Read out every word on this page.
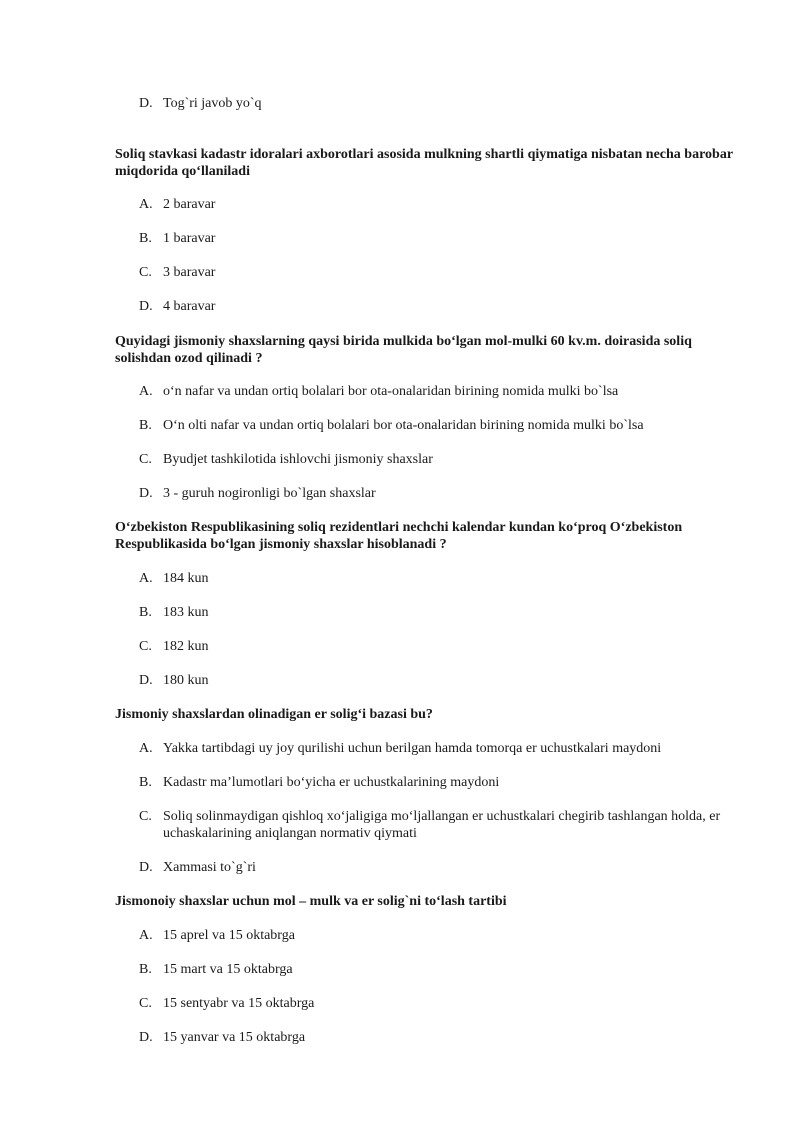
D. Tog`ri javob yo`q
Soliq stavkasi kadastr idoralari axborotlari asosida mulkning shartli qiymatiga nisbatan necha barobar miqdorida qo‘llaniladi
A. 2 baravar
B. 1 baravar
C. 3 baravar
D. 4 baravar
Quyidagi jismoniy shaxslarning qaysi birida mulkida bo‘lgan mol-mulki 60 kv.m. doirasida soliq solishdan ozod qilinadi ?
A. o‘n nafar va undan ortiq bolalari bor ota-onalaridan birining nomida mulki bo`lsa
B. O‘n olti nafar va undan ortiq bolalari bor ota-onalaridan birining nomida mulki bo`lsa
C. Byudjet tashkilotida ishlovchi jismoniy shaxslar
D. 3 - guruh nogironligi bo`lgan shaxslar
O‘zbekiston Respublikasining soliq rezidentlari nechchi kalendar kundan ko‘proq O‘zbekiston Respublikasida bo‘lgan jismoniy shaxslar hisoblanadi ?
A. 184 kun
B. 183 kun
C. 182 kun
D. 180 kun
Jismoniy shaxslardan olinadigan er solig‘i bazasi bu?
A. Yakka tartibdagi uy joy qurilishi uchun berilgan hamda tomorqa er uchustkalari maydoni
B. Kadastr ma’lumotlari bo‘yicha er uchustkalarining maydoni
C. Soliq solinmaydigan qishloq xo‘jaligiga mo‘ljallangan er uchustkalari chegirib tashlangan holda, er uchaskalarining aniqlangan normativ qiymati
D. Xammasi to`g`ri
Jismonoiy shaxslar uchun mol – mulk va er solig`ni to‘lash tartibi
A. 15 aprel va 15 oktabrga
B. 15 mart va 15 oktabrga
C. 15 sentyabr va 15 oktabrga
D. 15 yanvar va 15 oktabrga
